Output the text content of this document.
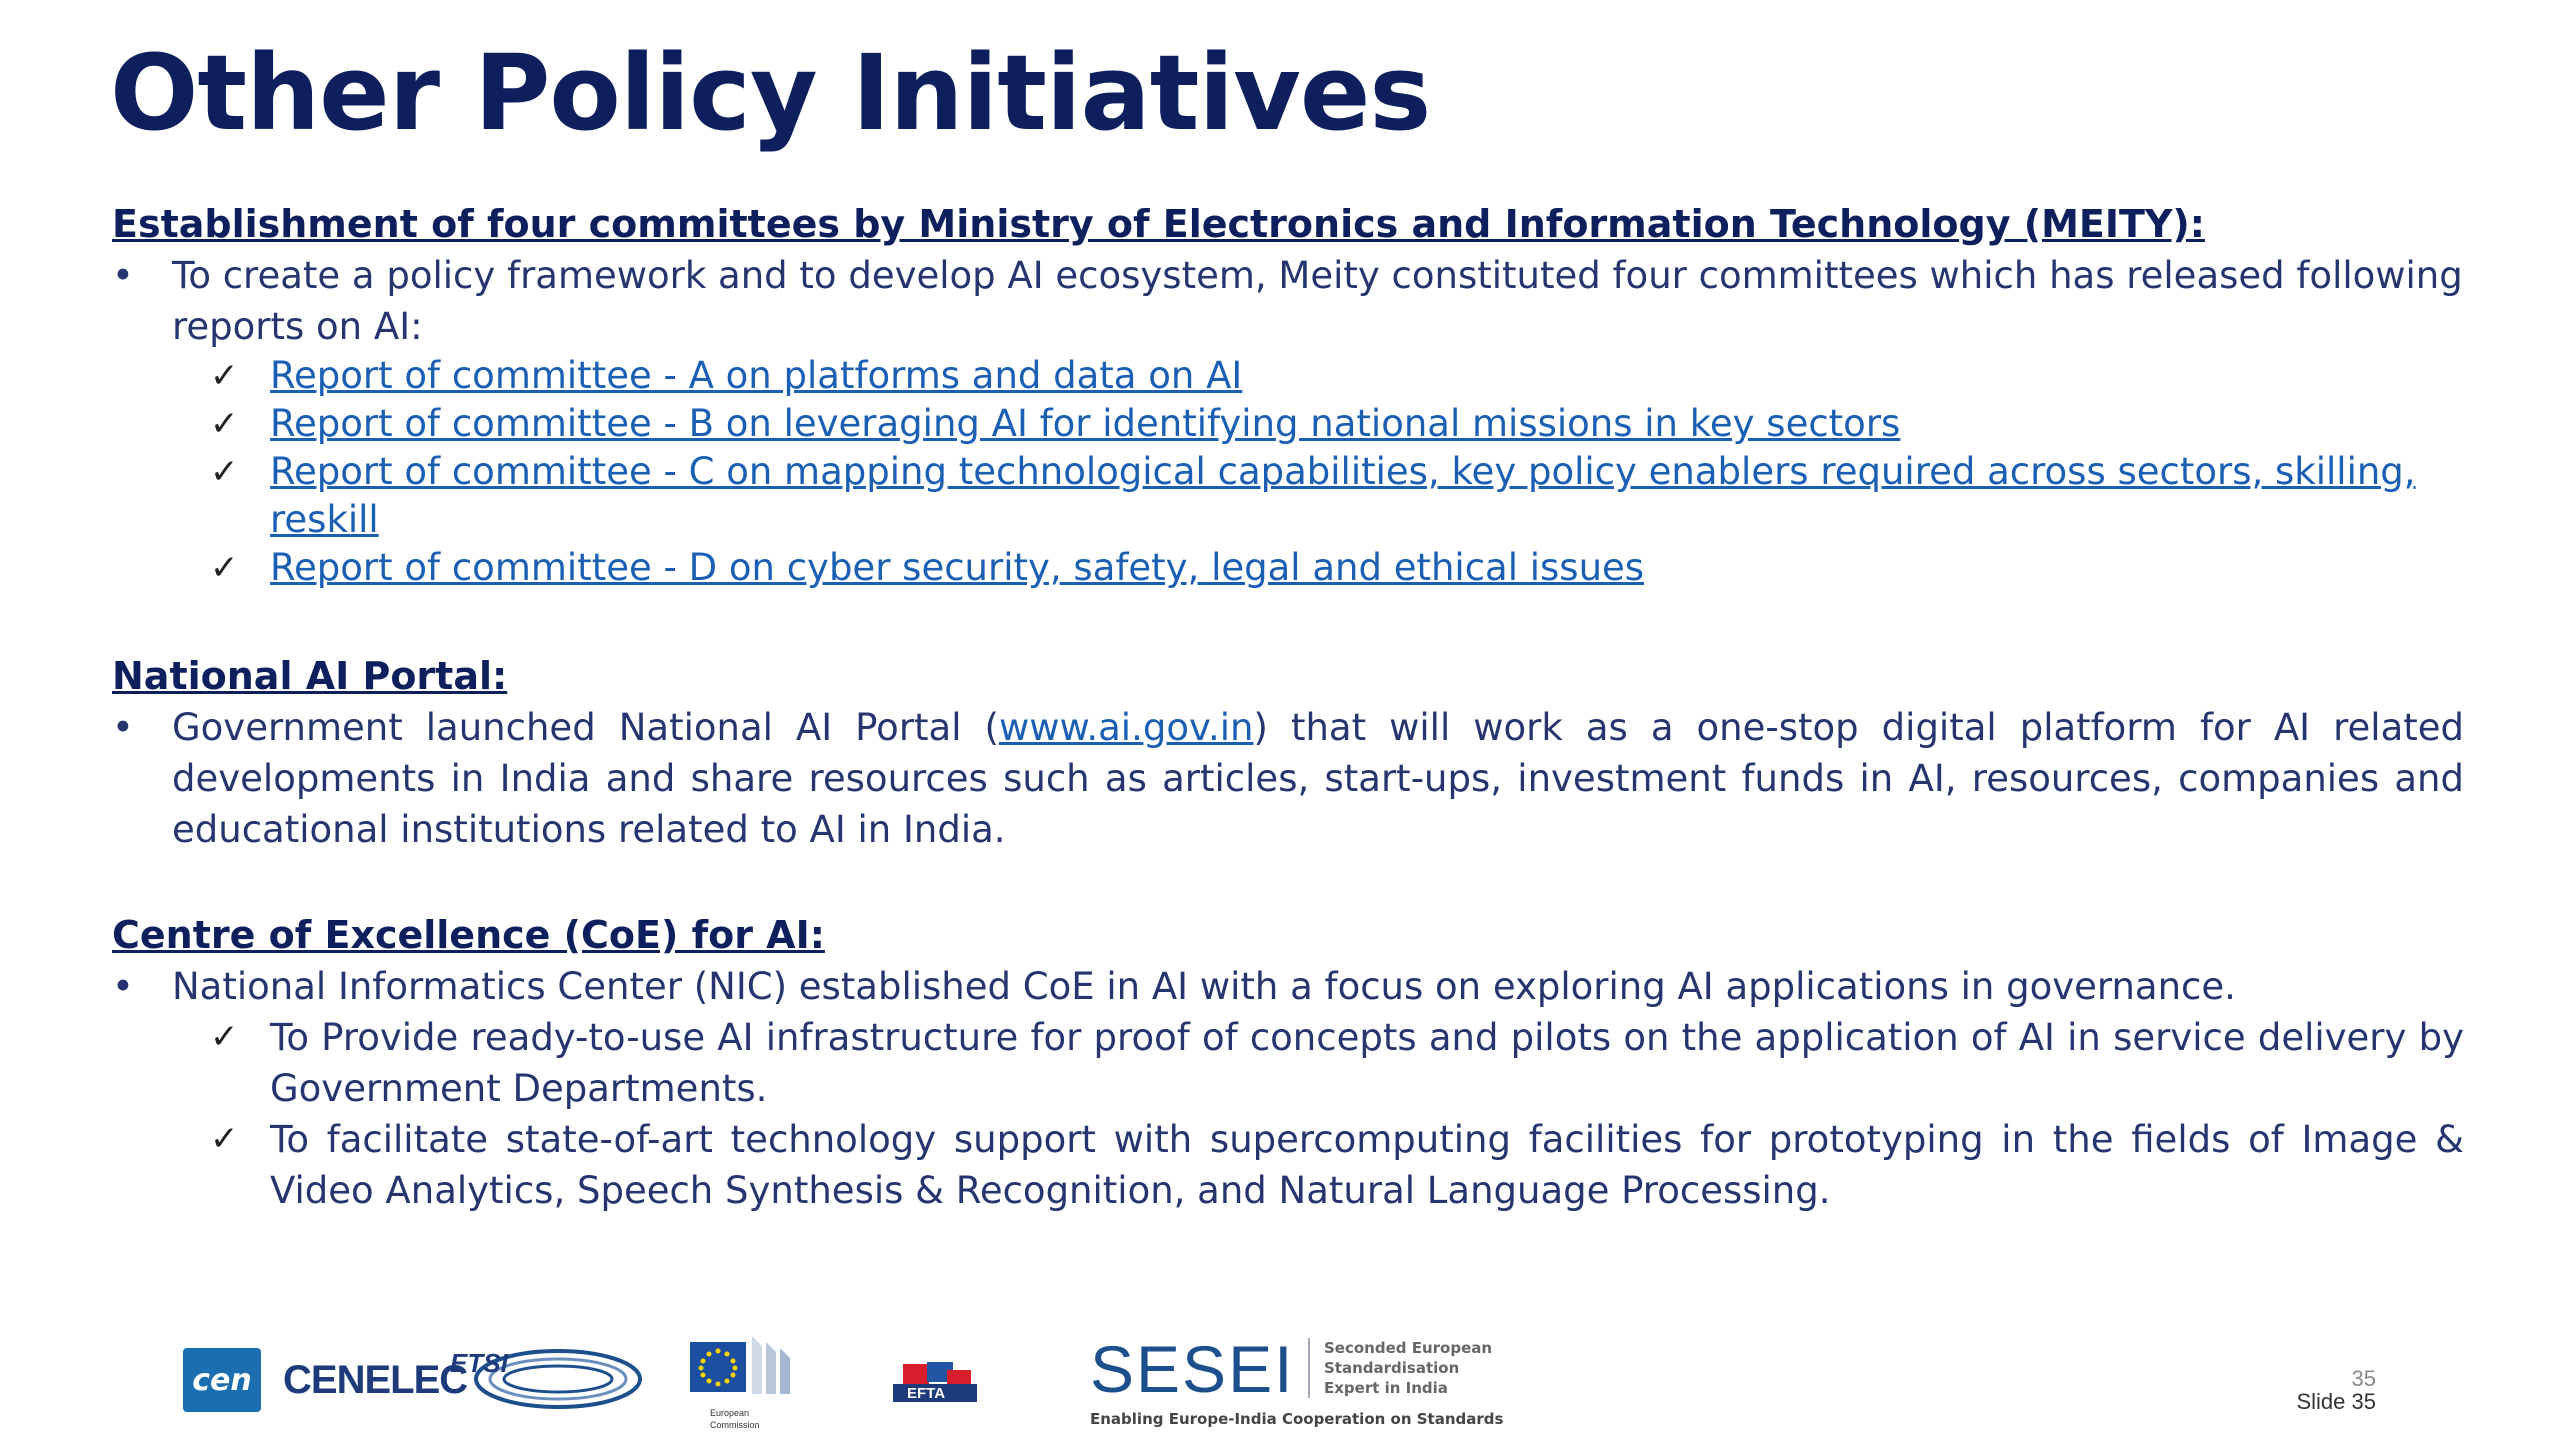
Other Policy Initiatives
Establishment of four committees by Ministry of Electronics and Information Technology (MEITY):
•	To create a policy framework and to develop AI ecosystem, Meity constituted four committees which has released following reports on AI:
✓ Report of committee - A on platforms and data on AI
✓ Report of committee - B on leveraging AI for identifying national missions in key sectors
✓ Report of committee - C on mapping technological capabilities, key policy enablers required across sectors, skilling, reskill
✓ Report of committee - D on cyber security, safety, legal and ethical issues
National AI Portal:
•	Government launched National AI Portal (www.ai.gov.in) that will work as a one-stop digital platform for AI related developments in India and share resources such as articles, start-ups, investment funds in AI, resources, companies and educational institutions related to AI in India.
Centre of Excellence (CoE) for AI:
•	National Informatics Center (NIC) established CoE in AI with a focus on exploring AI applications in governance.
✓ To Provide ready-to-use AI infrastructure for proof of concepts and pilots on the application of AI in service delivery by Government Departments.
✓ To facilitate state-of-art technology support with supercomputing facilities for prototyping in the fields of Image & Video Analytics, Speech Synthesis & Recognition, and Natural Language Processing.
cen CENELEC
ETSI
European
Commission
EFTA SESEI	Seconded European
Standardisation
Expert in India
Enabling Europe-India Cooperation on Standards
35
Slide 35
